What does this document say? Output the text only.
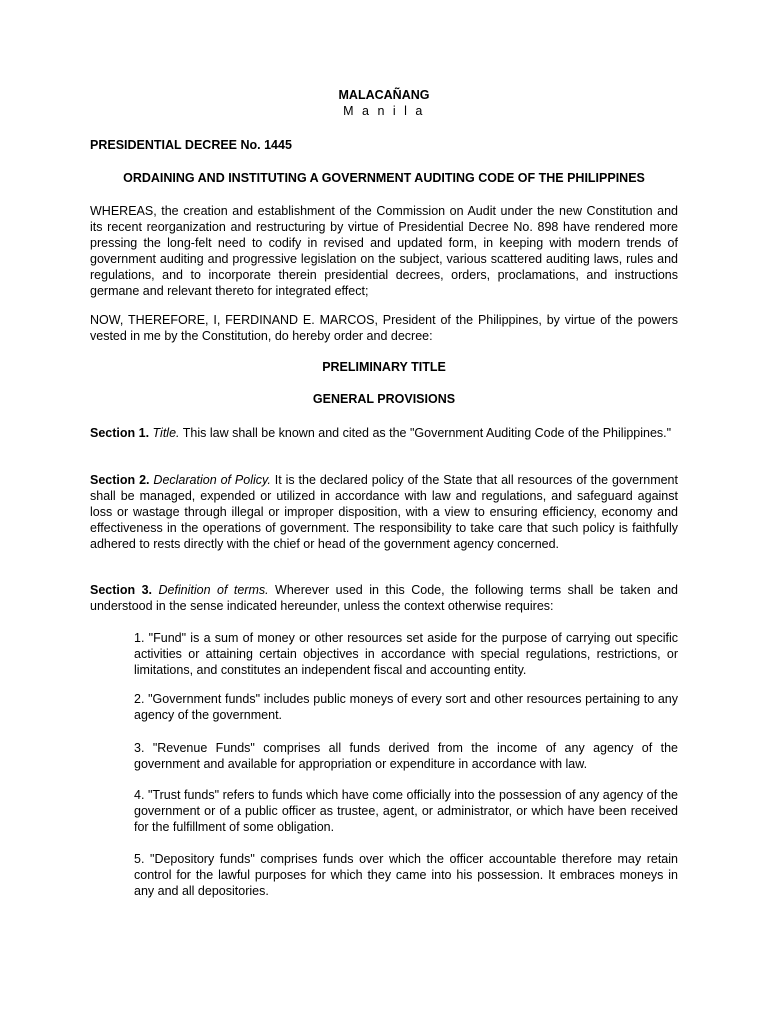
MALACAÑANG

M a n i l a

PRESIDENTIAL DECREE No. 1445

ORDAINING AND INSTITUTING A GOVERNMENT AUDITING CODE OF THE PHILIPPINES

WHEREAS, the creation and establishment of the Commission on Audit under the new Constitution and its recent reorganization and restructuring by virtue of Presidential Decree No. 898 have rendered more pressing the long-felt need to codify in revised and updated form, in keeping with modern trends of government auditing and progressive legislation on the subject, various scattered auditing laws, rules and regulations, and to incorporate therein presidential decrees, orders, proclamations, and instructions germane and relevant thereto for integrated effect;

NOW, THEREFORE, I, FERDINAND E. MARCOS, President of the Philippines, by virtue of the powers vested in me by the Constitution, do hereby order and decree:

PRELIMINARY TITLE

GENERAL PROVISIONS

Section 1. Title. This law shall be known and cited as the "Government Auditing Code of the Philippines."

Section 2. Declaration of Policy. It is the declared policy of the State that all resources of the government shall be managed, expended or utilized in accordance with law and regulations, and safeguard against loss or wastage through illegal or improper disposition, with a view to ensuring efficiency, economy and effectiveness in the operations of government. The responsibility to take care that such policy is faithfully adhered to rests directly with the chief or head of the government agency concerned.

Section 3. Definition of terms. Wherever used in this Code, the following terms shall be taken and understood in the sense indicated hereunder, unless the context otherwise requires:

1. "Fund" is a sum of money or other resources set aside for the purpose of carrying out specific activities or attaining certain objectives in accordance with special regulations, restrictions, or limitations, and constitutes an independent fiscal and accounting entity.

2. "Government funds" includes public moneys of every sort and other resources pertaining to any agency of the government.

3. "Revenue Funds" comprises all funds derived from the income of any agency of the government and available for appropriation or expenditure in accordance with law.

4. "Trust funds" refers to funds which have come officially into the possession of any agency of the government or of a public officer as trustee, agent, or administrator, or which have been received for the fulfillment of some obligation.

5. "Depository funds" comprises funds over which the officer accountable therefore may retain control for the lawful purposes for which they came into his possession. It embraces moneys in any and all depositories.
